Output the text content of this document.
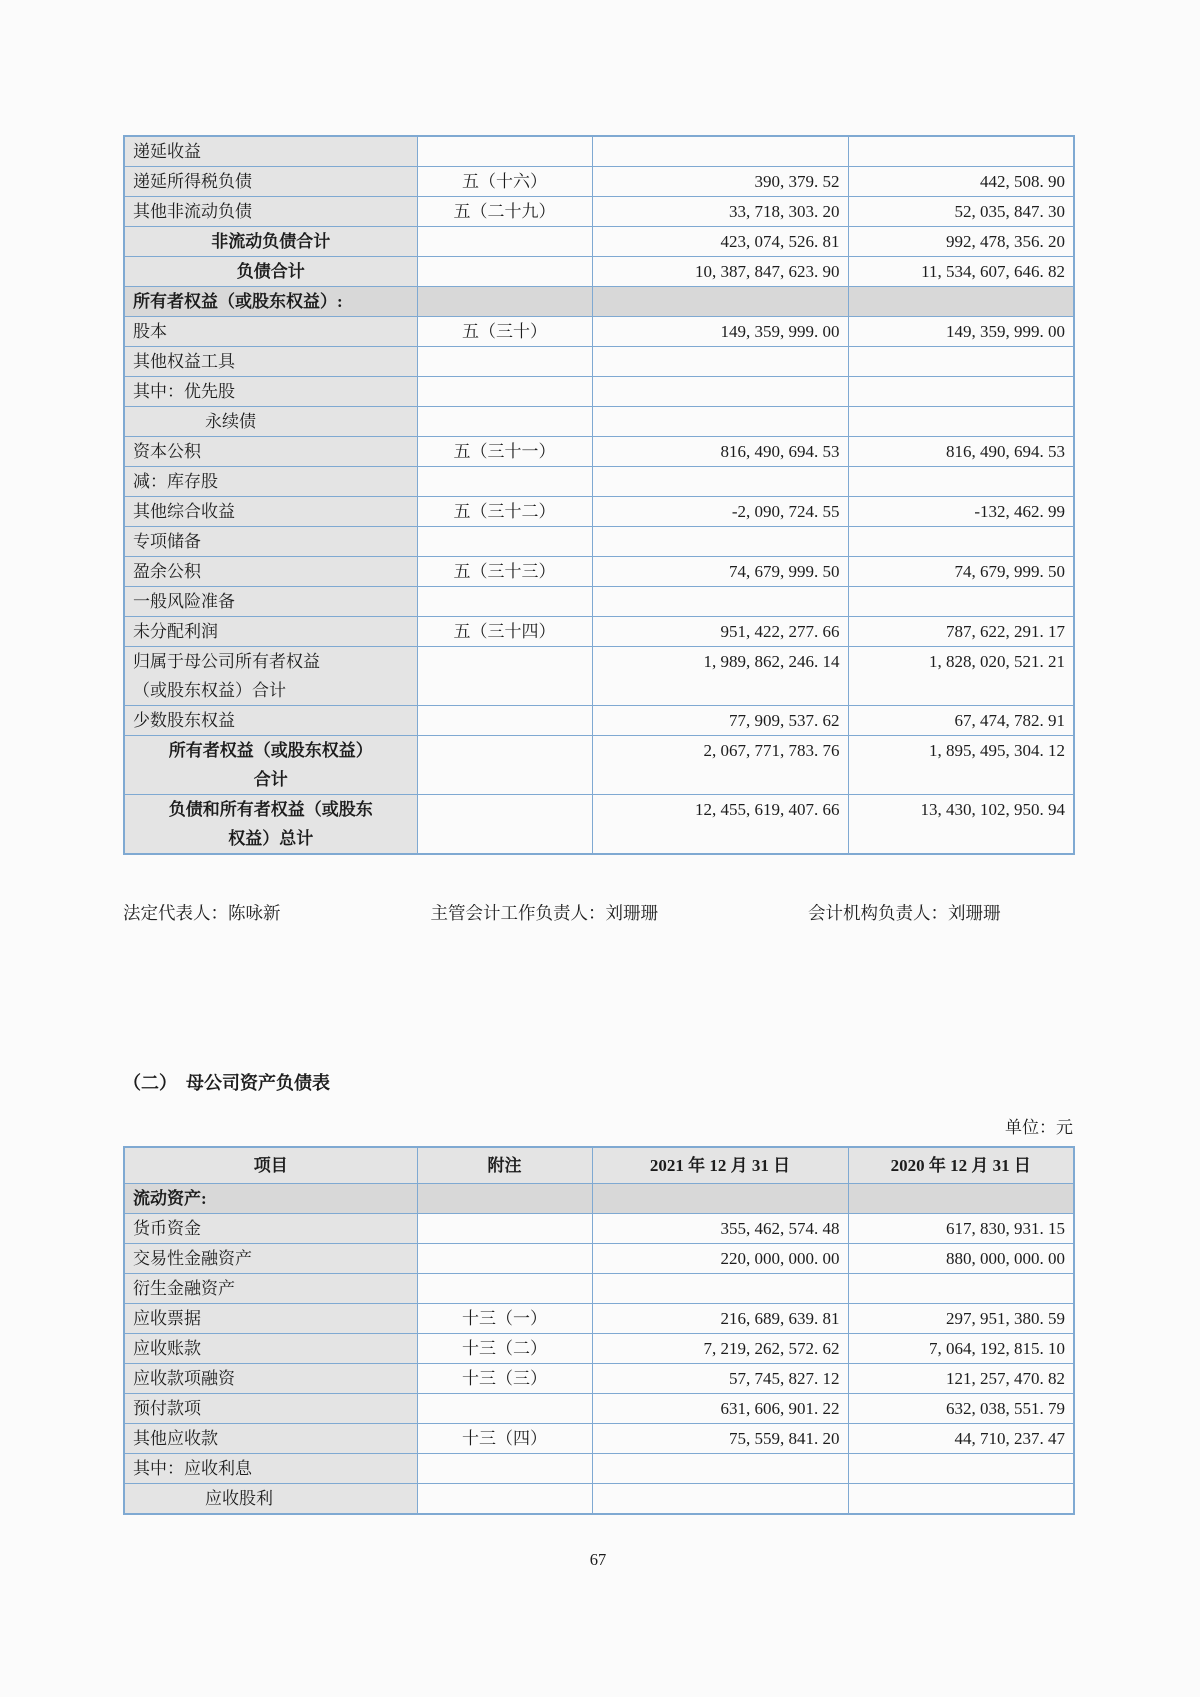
递延收益			
递延所得税负债	五（十六）	390, 379. 52	442, 508. 90
其他非流动负债	五（二十九）	33, 718, 303. 20	52, 035, 847. 30
非流动负债合计		423, 074, 526. 81	992, 478, 356. 20
负债合计		10, 387, 847, 623. 90	11, 534, 607, 646. 82
所有者权益（或股东权益）:			
股本	五（三十）	149, 359, 999. 00	149, 359, 999. 00
其他权益工具			
其中：优先股			
永续债			
资本公积	五（三十一）	816, 490, 694. 53	816, 490, 694. 53
减：库存股			
其他综合收益	五（三十二）	-2, 090, 724. 55	-132, 462. 99
专项储备			
盈余公积	五（三十三）	74, 679, 999. 50	74, 679, 999. 50
一般风险准备			
未分配利润	五（三十四）	951, 422, 277. 66	787, 622, 291. 17
归属于母公司所有者权益
（或股东权益）合计		1, 989, 862, 246. 14	1, 828, 020, 521. 21
少数股东权益		77, 909, 537. 62	67, 474, 782. 91
所有者权益（或股东权益）
合计		2, 067, 771, 783. 76	1, 895, 495, 304. 12
负债和所有者权益（或股东
权益）总计		12, 455, 619, 407. 66	13, 430, 102, 950. 94
法定代表人：陈咏新	主管会计工作负责人：刘珊珊	会计机构负责人：刘珊珊
（二）　母公司资产负债表
单位：元
项目	附注	2021 年 12 月 31 日	2020 年 12 月 31 日
流动资产:			
货币资金		355, 462, 574. 48	617, 830, 931. 15
交易性金融资产		220, 000, 000. 00	880, 000, 000. 00
衍生金融资产			
应收票据	十三（一）	216, 689, 639. 81	297, 951, 380. 59
应收账款	十三（二）	7, 219, 262, 572. 62	7, 064, 192, 815. 10
应收款项融资	十三（三）	57, 745, 827. 12	121, 257, 470. 82
预付款项		631, 606, 901. 22	632, 038, 551. 79
其他应收款	十三（四）	75, 559, 841. 20	44, 710, 237. 47
其中：应收利息			
应收股利			
67
